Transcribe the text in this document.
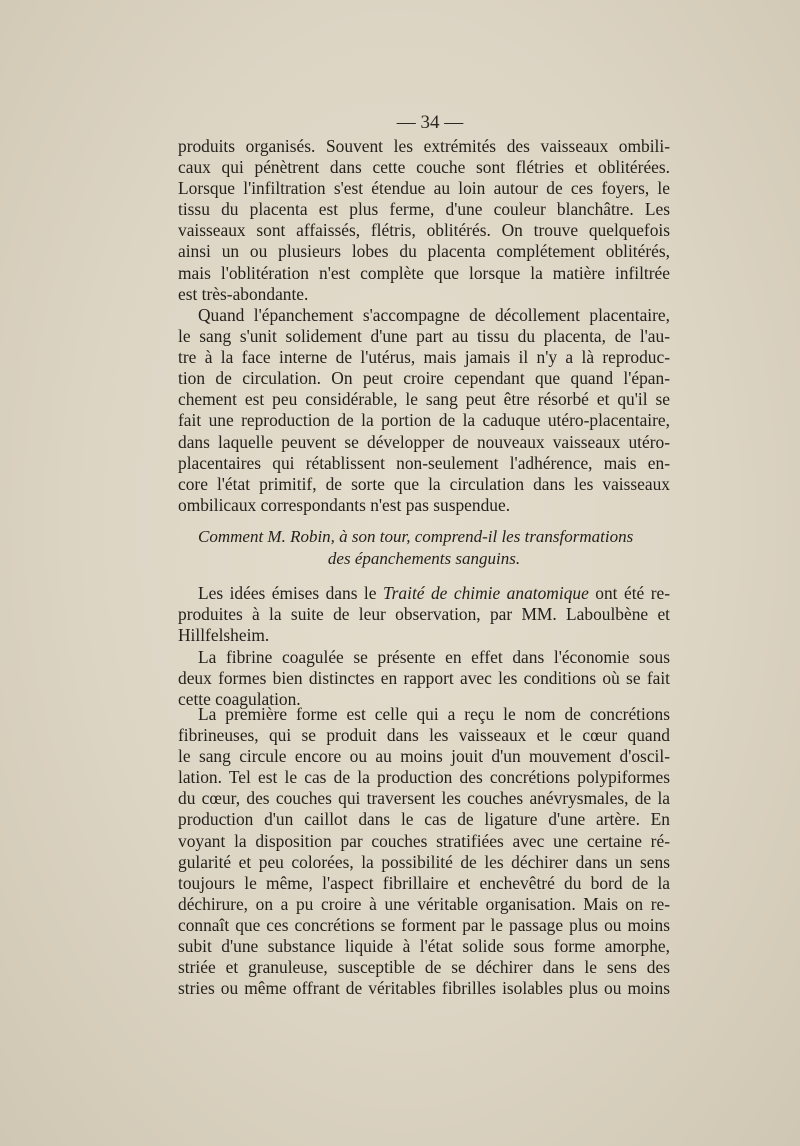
— 34 —
produits organisés. Souvent les extrémités des vaisseaux ombili-
caux qui pénètrent dans cette couche sont flétries et oblitérées.
Lorsque l'infiltration s'est étendue au loin autour de ces foyers, le
tissu du placenta est plus ferme, d'une couleur blanchâtre. Les
vaisseaux sont affaissés, flétris, oblitérés. On trouve quelquefois
ainsi un ou plusieurs lobes du placenta complétement oblitérés,
mais l'oblitération n'est complète que lorsque la matière infiltrée
est très-abondante.
Quand l'épanchement s'accompagne de décollement placentaire,
le sang s'unit solidement d'une part au tissu du placenta, de l'au-
tre à la face interne de l'utérus, mais jamais il n'y a là reproduc-
tion de circulation. On peut croire cependant que quand l'épan-
chement est peu considérable, le sang peut être résorbé et qu'il se
fait une reproduction de la portion de la caduque utéro-placentaire,
dans laquelle peuvent se développer de nouveaux vaisseaux utéro-
placentaires qui rétablissent non-seulement l'adhérence, mais en-
core l'état primitif, de sorte que la circulation dans les vaisseaux
ombilicaux correspondants n'est pas suspendue.
Comment M. Robin, à son tour, comprend-il les transformations
des épanchements sanguins.
Les idées émises dans le Traité de chimie anatomique ont été re-
produites à la suite de leur observation, par MM. Laboulbène et
Hillfelsheim.
La fibrine coagulée se présente en effet dans l'économie sous
deux formes bien distinctes en rapport avec les conditions où se fait
cette coagulation.
La première forme est celle qui a reçu le nom de concrétions
fibrineuses, qui se produit dans les vaisseaux et le cœur quand
le sang circule encore ou au moins jouit d'un mouvement d'oscil-
lation. Tel est le cas de la production des concrétions polypiformes
du cœur, des couches qui traversent les couches anévrysmales, de la
production d'un caillot dans le cas de ligature d'une artère. En
voyant la disposition par couches stratifiées avec une certaine ré-
gularité et peu colorées, la possibilité de les déchirer dans un sens
toujours le même, l'aspect fibrillaire et enchevêtré du bord de la
déchirure, on a pu croire à une véritable organisation. Mais on re-
connaît que ces concrétions se forment par le passage plus ou moins
subit d'une substance liquide à l'état solide sous forme amorphe,
striée et granuleuse, susceptible de se déchirer dans le sens des
stries ou même offrant de véritables fibrilles isolables plus ou moins
